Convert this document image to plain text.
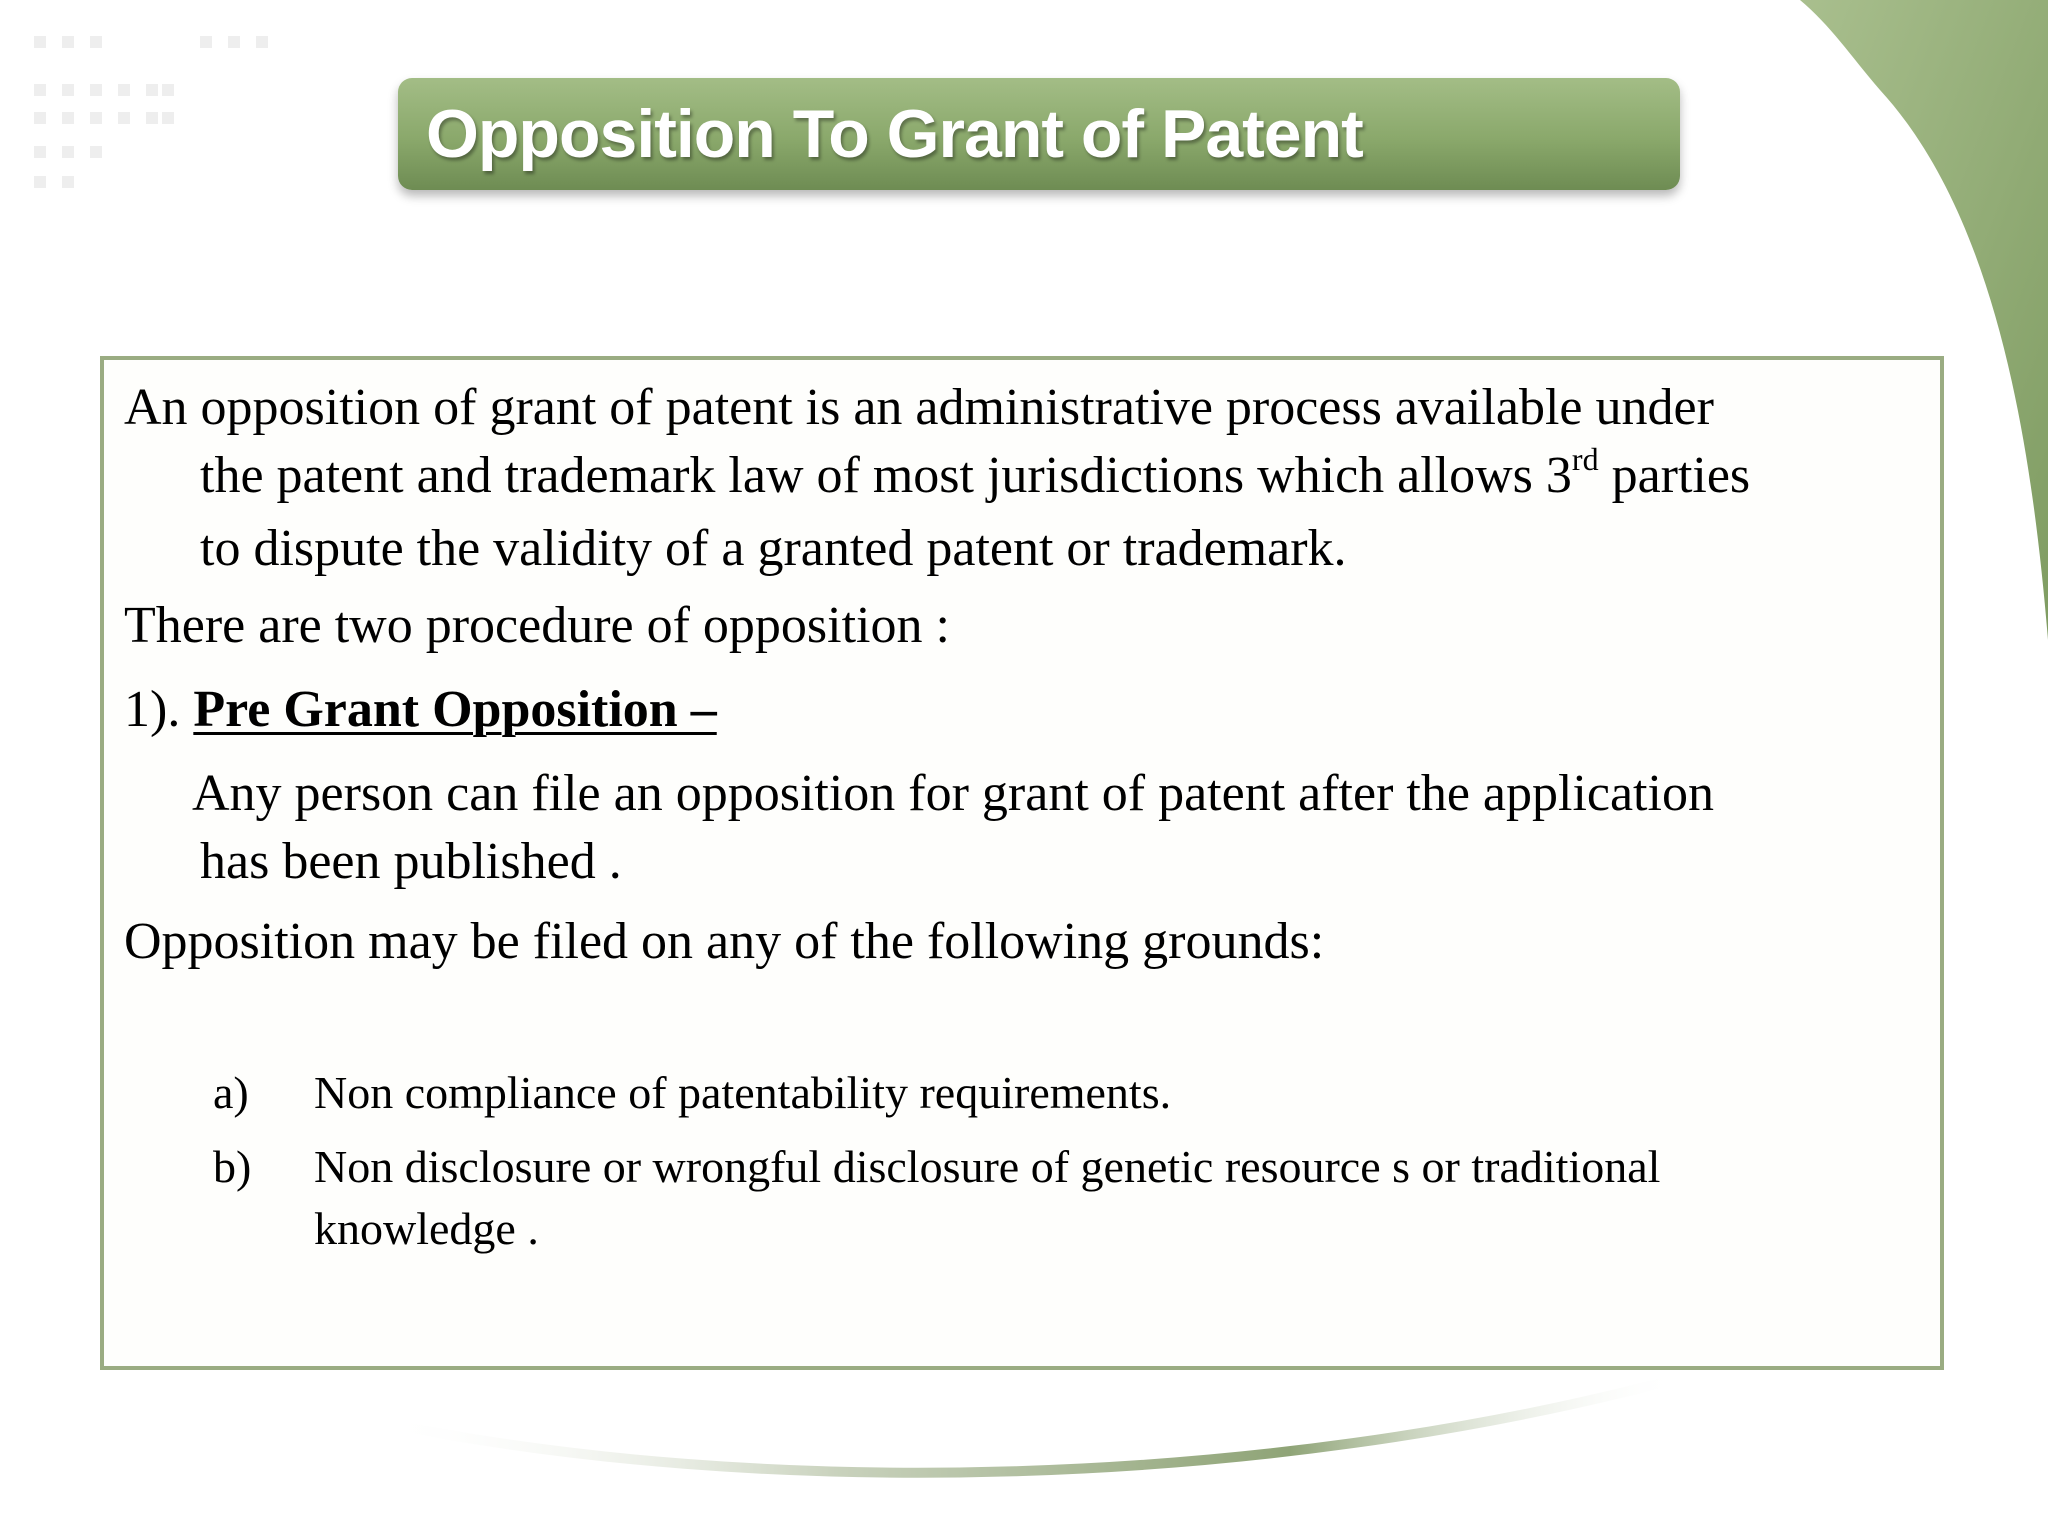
Opposition To Grant of Patent
An opposition of grant of patent is an administrative process available under
the patent and trademark law of most jurisdictions which allows 3rd parties
to dispute the validity of a granted patent or trademark.
There are two procedure of opposition :
1). Pre Grant Opposition –
Any person can file an opposition for grant of patent after the application
has been published .
Opposition may be filed on any of the following grounds:
a) Non compliance of patentability requirements.
b) Non disclosure or wrongful disclosure of genetic resource s or traditional
knowledge .
